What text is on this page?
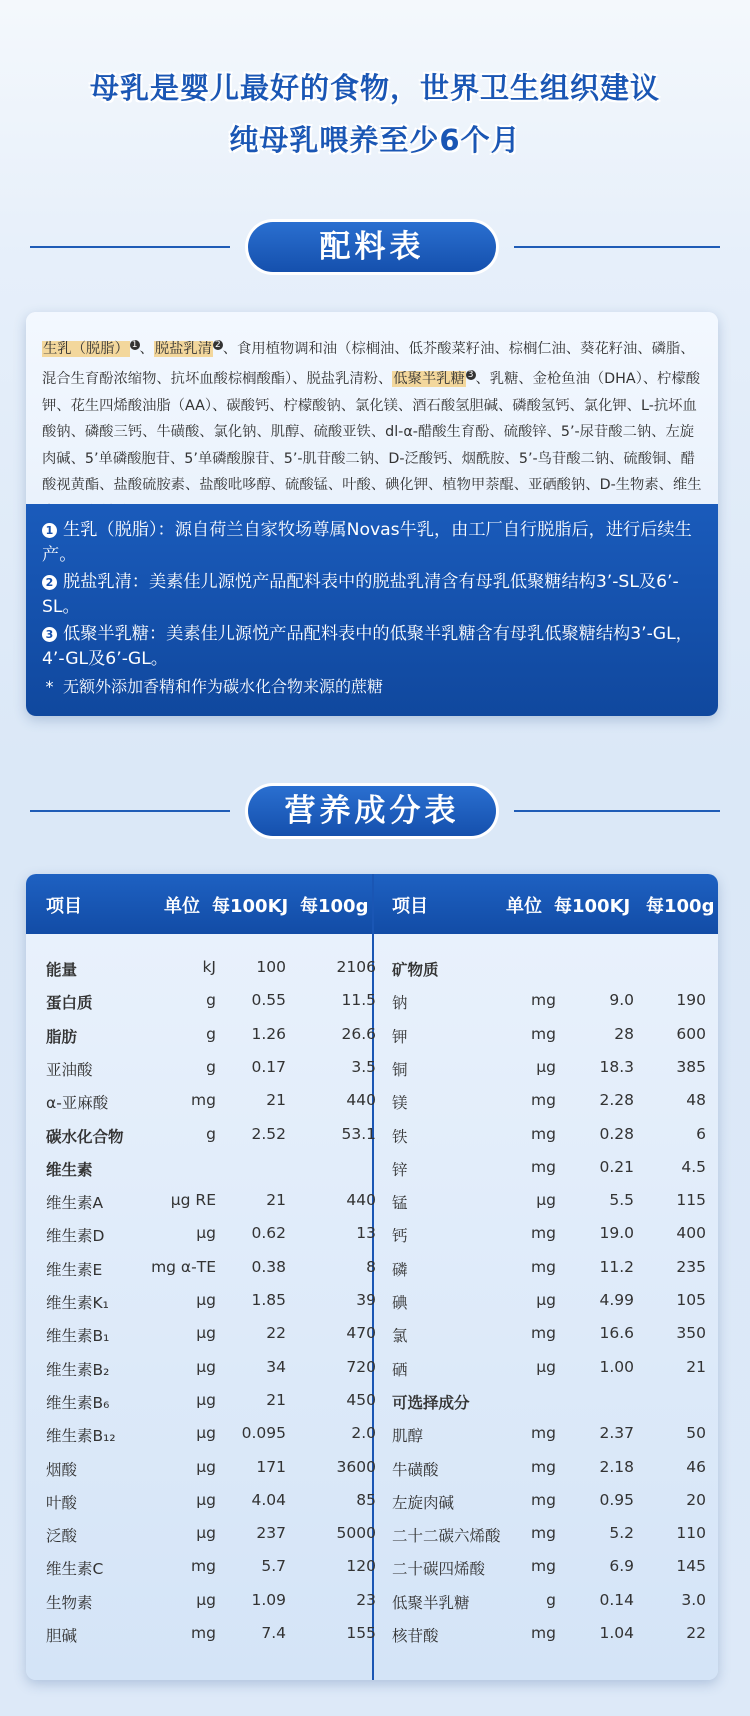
母乳是婴儿最好的食物，世界卫生组织建议
纯母乳喂养至少6个月
配料表
生乳（脱脂） $^1$ 、脱盐乳清 $^2$ 、食用植物调和油（棕榈油、低芥酸菜籽油、棕榈仁油、葵花籽油、磷脂、混合生育酚浓缩物、抗坏血酸棕榈酸酯）、脱盐乳清粉、低聚半乳糖 $^3$ 、乳糖、金枪鱼油（DHA）、柠檬酸钾、花生四烯酸油脂（AA）、碳酸钙、柠檬酸钠、氯化镁、酒石酸氢胆碱、磷酸氢钙、氯化钾、L-抗坏血酸钠、磷酸三钙、牛磺酸、氯化钠、肌醇、硫酸亚铁、dl-α-醋酸生育酚、硫酸锌、5’-尿苷酸二钠、左旋肉碱、5’单磷酸胞苷、5’单磷酸腺苷、5’-肌苷酸二钠、D-泛酸钙、烟酰胺、5’-鸟苷酸二钠、硫酸铜、醋酸视黄酯、盐酸硫胺素、盐酸吡哆醇、硫酸锰、叶酸、碘化钾、植物甲萘醌、亚硒酸钠、D-生物素、维生
1 生乳（脱脂）：源自荷兰自家牧场尊属Novas牛乳，由工厂自行脱脂后，进行后续生产。
2 脱盐乳清：美素佳儿源悦产品配料表中的脱盐乳清含有母乳低聚糖结构3’-SL及6’-SL。
3 低聚半乳糖：美素佳儿源悦产品配料表中的低聚半乳糖含有母乳低聚糖结构3’-GL，4’-GL及6’-GL。
* 无额外添加香精和作为碳水化合物来源的蔗糖
营养成分表
项目	单位 每100KJ 每100g 项目	单位 每100KJ 每100g
能量	kJ	100	2106 矿物质
蛋白质	g	0.55	11.5 钠	mg	9.0	190
脂肪	g	1.26	26.6 钾	mg	28	600
亚油酸	g	0.17	3.5 铜	μg	18.3	385
α-亚麻酸	mg	21	440 镁	mg	2.28	48
碳水化合物	g	2.52	53.1 铁	mg	0.28	6
维生素	锌	mg	0.21	4.5
维生素A	μg RE	21	440 锰	μg	5.5	115
维生素D	μg	0.62	13 钙	mg	19.0	400
维生素E	mg α-TE	0.38	8 磷	mg	11.2	235
维生素K₁	μg	1.85	39 碘	μg	4.99	105
维生素B₁	μg	22	470 氯	mg	16.6	350
维生素B₂	μg	34	720 硒	μg	1.00	21
维生素B₆	μg	21	450 可选择成分
维生素B₁₂	μg	0.095	2.0 肌醇	mg	2.37	50
烟酸	μg	171	3600 牛磺酸	mg	2.18	46
叶酸	μg	4.04	85 左旋肉碱	mg	0.95	20
泛酸	μg	237	5000 二十二碳六烯酸	mg	5.2	110
维生素C	mg	5.7	120 二十碳四烯酸	mg	6.9	145
生物素	μg	1.09	23 低聚半乳糖	g	0.14	3.0
胆碱	mg	7.4	155 核苷酸	mg	1.04	22
